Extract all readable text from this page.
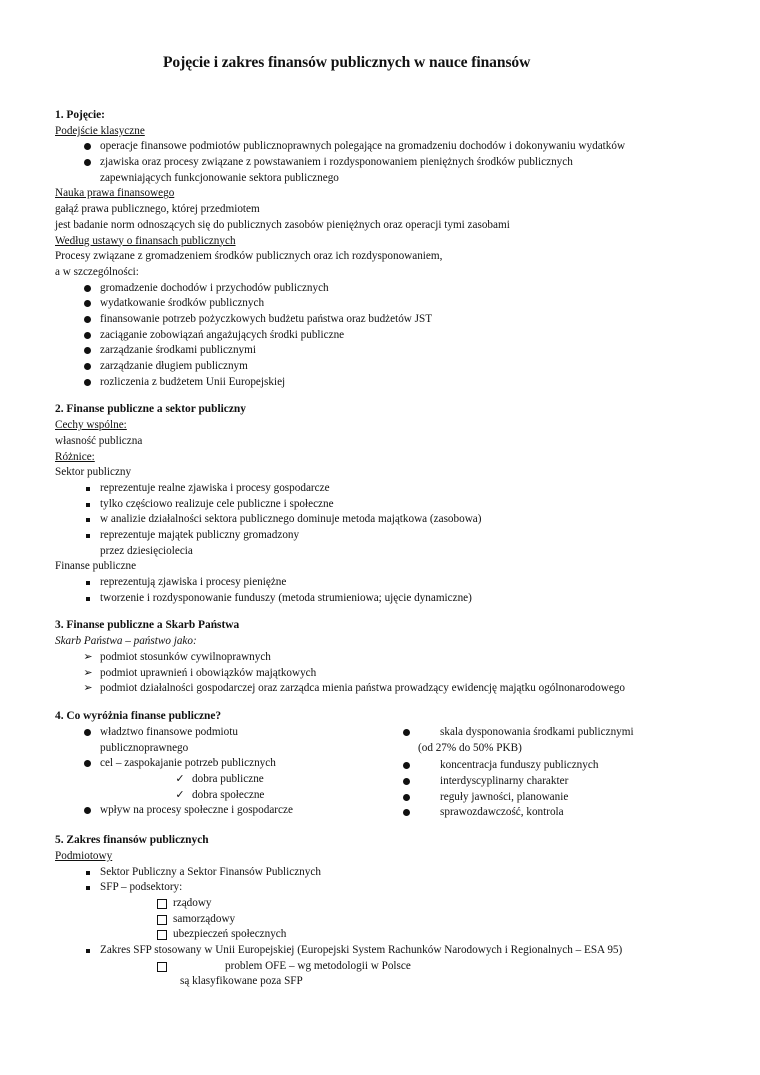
Pojęcie i zakres finansów publicznych w nauce finansów
1. Pojęcie:
Podejście klasyczne
operacje finansowe podmiotów publicznoprawnych polegające na gromadzeniu dochodów i dokonywaniu wydatków
zjawiska oraz procesy związane z powstawaniem i rozdysponowaniem pieniężnych środków publicznych
zapewniających funkcjonowanie sektora publicznego
Nauka prawa finansowego
gałąź prawa publicznego, której przedmiotem
jest badanie norm odnoszących się do publicznych zasobów pieniężnych oraz operacji tymi zasobami
Według ustawy o finansach publicznych
Procesy związane z gromadzeniem środków publicznych oraz ich rozdysponowaniem,
a w szczególności:
gromadzenie dochodów i przychodów publicznych
wydatkowanie środków publicznych
finansowanie potrzeb pożyczkowych budżetu państwa oraz budżetów JST
zaciąganie zobowiązań angażujących środki publiczne
zarządzanie środkami publicznymi
zarządzanie długiem publicznym
rozliczenia z budżetem Unii Europejskiej
2. Finanse publiczne a sektor publiczny
Cechy wspólne:
własność publiczna
Różnice:
Sektor publiczny
reprezentuje realne zjawiska i procesy gospodarcze
tylko częściowo realizuje cele publiczne i społeczne
w analizie działalności sektora publicznego dominuje metoda majątkowa (zasobowa)
reprezentuje majątek publiczny gromadzony
przez dziesięciolecia
Finanse publiczne
reprezentują zjawiska i procesy pieniężne
tworzenie i rozdysponowanie funduszy (metoda strumieniowa; ujęcie dynamiczne)
3. Finanse publiczne a Skarb Państwa
Skarb Państwa – państwo jako:
➢ podmiot stosunków cywilnoprawnych
➢ podmiot uprawnień i obowiązków majątkowych
➢ podmiot działalności gospodarczej oraz zarządca mienia państwa prowadzący ewidencję majątku ogólnonarodowego
4. Co wyróżnia finanse publiczne?
władztwo finansowe podmiotu
publicznoprawnego
cel – zaspokajanie potrzeb publicznych
✓ dobra publiczne
✓ dobra społeczne
wpływ na procesy społeczne i gospodarcze
skala dysponowania środkami publicznymi
(od 27% do 50% PKB)
koncentracja funduszy publicznych
interdyscyplinarny charakter
reguły jawności, planowanie
sprawozdawczość, kontrola
5. Zakres finansów publicznych
Podmiotowy
Sektor Publiczny a Sektor Finansów Publicznych
SFP – podsektory:
rządowy
samorządowy
ubezpieczeń społecznych
Zakres SFP stosowany w Unii Europejskiej (Europejski System Rachunków Narodowych i Regionalnych – ESA 95)
problem OFE – wg metodologii w Polsce
są klasyfikowane poza SFP
